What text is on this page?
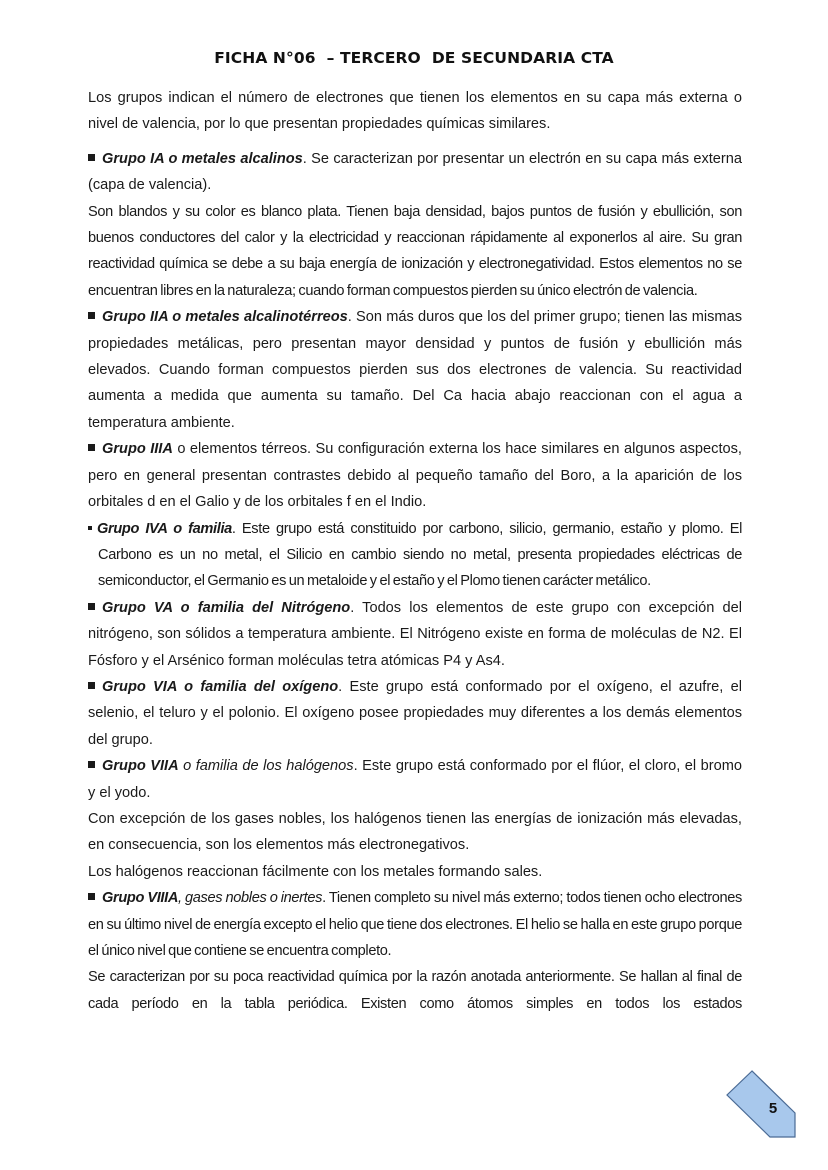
FICHA N°06  – TERCERO  DE SECUNDARIA CTA

Los grupos indican el número de electrones que tienen los elementos en su capa más externa o nivel de valencia, por lo que presentan propiedades químicas similares.

Grupo IA o metales alcalinos. Se caracterizan por presentar un electrón en su capa más externa (capa de valencia).

Son blandos y su color es blanco plata. Tienen baja densidad, bajos puntos de fusión y ebullición, son buenos conductores del calor y la electricidad y reaccionan rápidamente al exponerlos al aire. Su gran reactividad química se debe a su baja energía de ionización y electronegatividad. Estos elementos no se encuentran libres en la naturaleza; cuando forman compuestos pierden su único electrón de valencia.

Grupo IIA o metales alcalinotérreos. Son más duros que los del primer grupo; tienen las mismas propiedades metálicas, pero presentan mayor densidad y puntos de fusión y ebullición más elevados. Cuando forman compuestos pierden sus dos electrones de valencia. Su reactividad aumenta a medida que aumenta su tamaño. Del Ca hacia abajo reaccionan con el agua a temperatura ambiente.

Grupo IIIA o elementos térreos. Su configuración externa los hace similares en algunos aspectos, pero en general presentan contrastes debido al pequeño tamaño del Boro, a la aparición de los orbitales d en el Galio y de los orbitales f en el Indio.

Grupo IVA o familia. Este grupo está constituido por carbono, silicio, germanio, estaño y plomo. El Carbono es un no metal, el Silicio en cambio siendo no metal, presenta propiedades eléctricas de semiconductor, el Germanio es un metaloide y el estaño y el Plomo tienen carácter metálico.

Grupo VA o familia del Nitrógeno. Todos los elementos de este grupo con excepción del nitrógeno, son sólidos a temperatura ambiente. El Nitrógeno existe en forma de moléculas de N2. El Fósforo y el Arsénico forman moléculas tetra atómicas P4 y As4.

Grupo VIA o familia del oxígeno. Este grupo está conformado por el oxígeno, el azufre, el selenio, el teluro y el polonio. El oxígeno posee propiedades muy diferentes a los demás elementos del grupo.

Grupo VIIA o familia de los halógenos. Este grupo está conformado por el flúor, el cloro, el bromo y el yodo.

Con excepción de los gases nobles, los halógenos tienen las energías de ionización más elevadas, en consecuencia, son los elementos más electronegativos.

Los halógenos reaccionan fácilmente con los metales formando sales.

Grupo VIIIA, gases nobles o inertes. Tienen completo su nivel más externo; todos tienen ocho electrones en su último nivel de energía excepto el helio que tiene dos electrones. El helio se halla en este grupo porque el único nivel que contiene se encuentra completo.

Se caracterizan por su poca reactividad química por la razón anotada anteriormente. Se hallan al final de cada período en la tabla periódica. Existen como átomos simples en todos los estados

5
